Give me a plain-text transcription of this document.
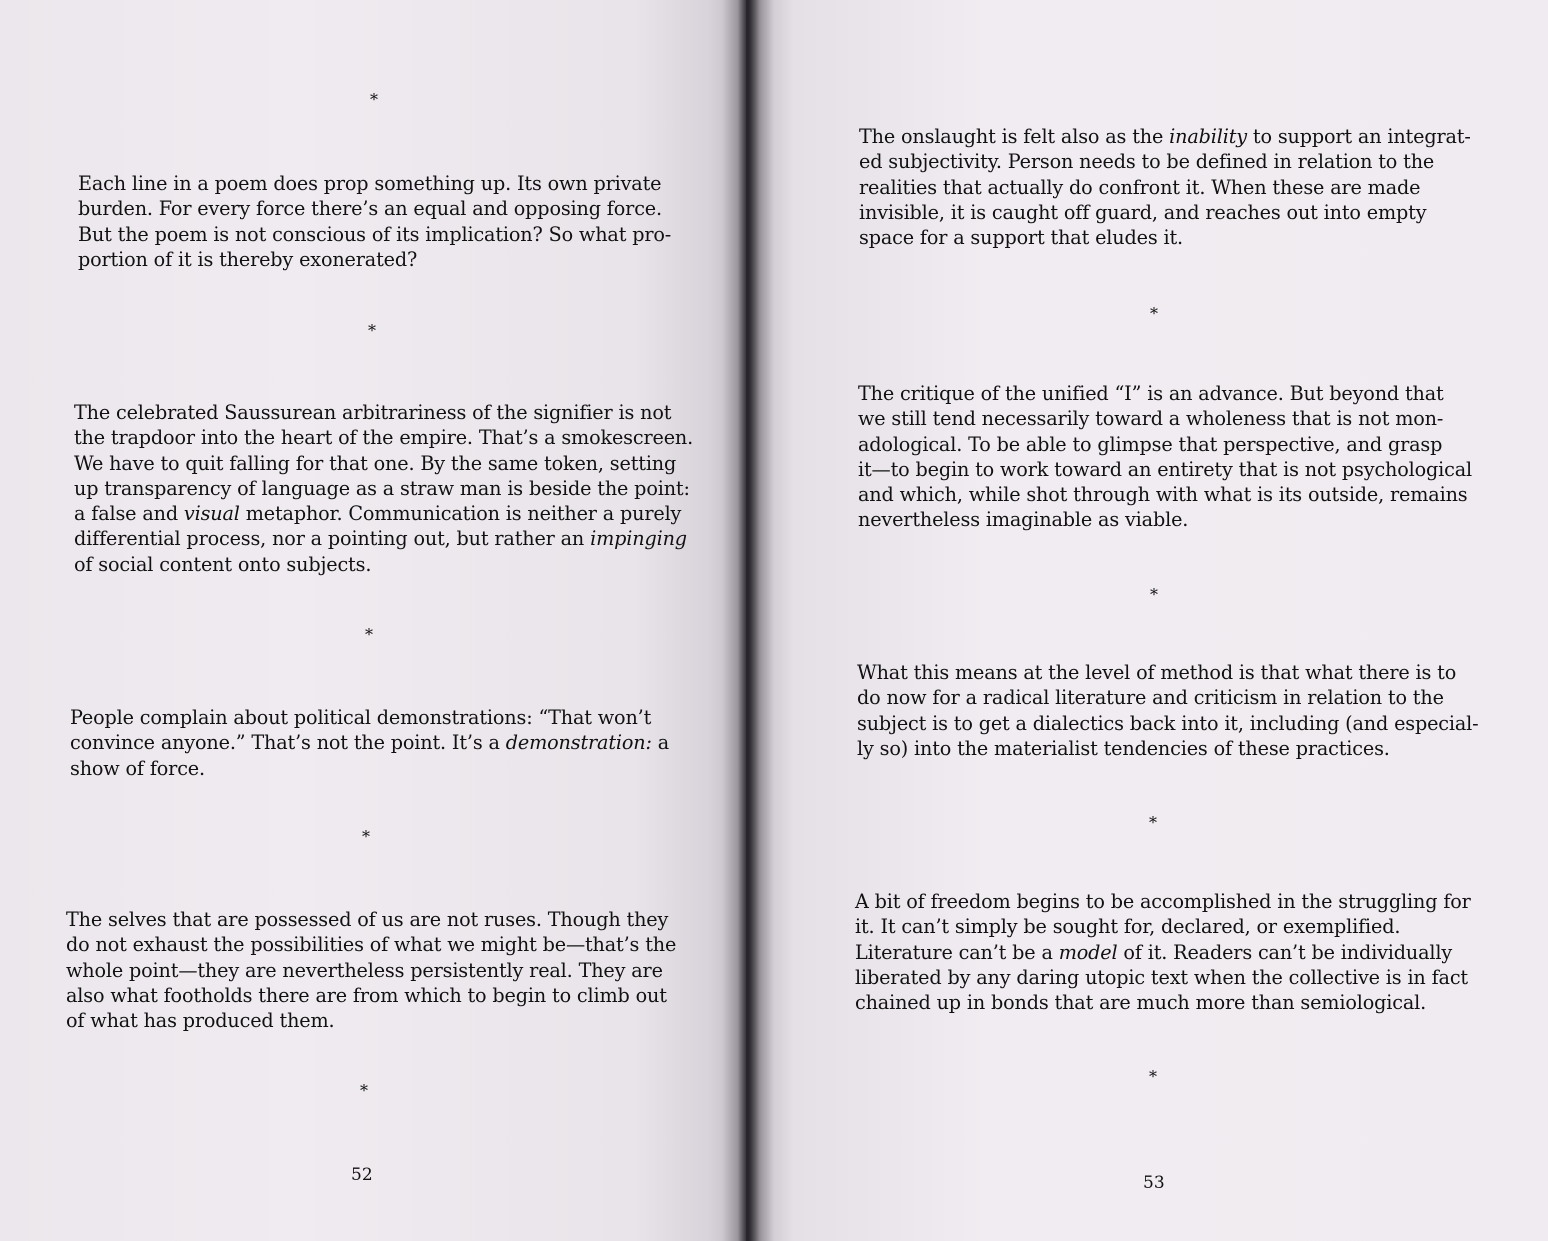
*

Each line in a poem does prop something up. Its own private
burden. For every force there’s an equal and opposing force.
But the poem is not conscious of its implication? So what pro-
portion of it is thereby exonerated?

*

The celebrated Saussurean arbitrariness of the signifier is not
the trapdoor into the heart of the empire. That’s a smokescreen.
We have to quit falling for that one. By the same token, setting
up transparency of language as a straw man is beside the point:
a false and visual metaphor. Communication is neither a purely
differential process, nor a pointing out, but rather an impinging
of social content onto subjects.

*

People complain about political demonstrations: “That won’t
convince anyone.” That’s not the point. It’s a demonstration: a
show of force.

*

The selves that are possessed of us are not ruses. Though they
do not exhaust the possibilities of what we might be—that’s the
whole point—they are nevertheless persistently real. They are
also what footholds there are from which to begin to climb out
of what has produced them.

*
52

The onslaught is felt also as the inability to support an integrat-
ed subjectivity. Person needs to be defined in relation to the
realities that actually do confront it. When these are made
invisible, it is caught off guard, and reaches out into empty
space for a support that eludes it.

*

The critique of the unified “I” is an advance. But beyond that
we still tend necessarily toward a wholeness that is not mon-
adological. To be able to glimpse that perspective, and grasp
it—to begin to work toward an entirety that is not psychological
and which, while shot through with what is its outside, remains
nevertheless imaginable as viable.

*

What this means at the level of method is that what there is to
do now for a radical literature and criticism in relation to the
subject is to get a dialectics back into it, including (and especial-
ly so) into the materialist tendencies of these practices.

*

A bit of freedom begins to be accomplished in the struggling for
it. It can’t simply be sought for, declared, or exemplified.
Literature can’t be a model of it. Readers can’t be individually
liberated by any daring utopic text when the collective is in fact
chained up in bonds that are much more than semiological.

*
53
